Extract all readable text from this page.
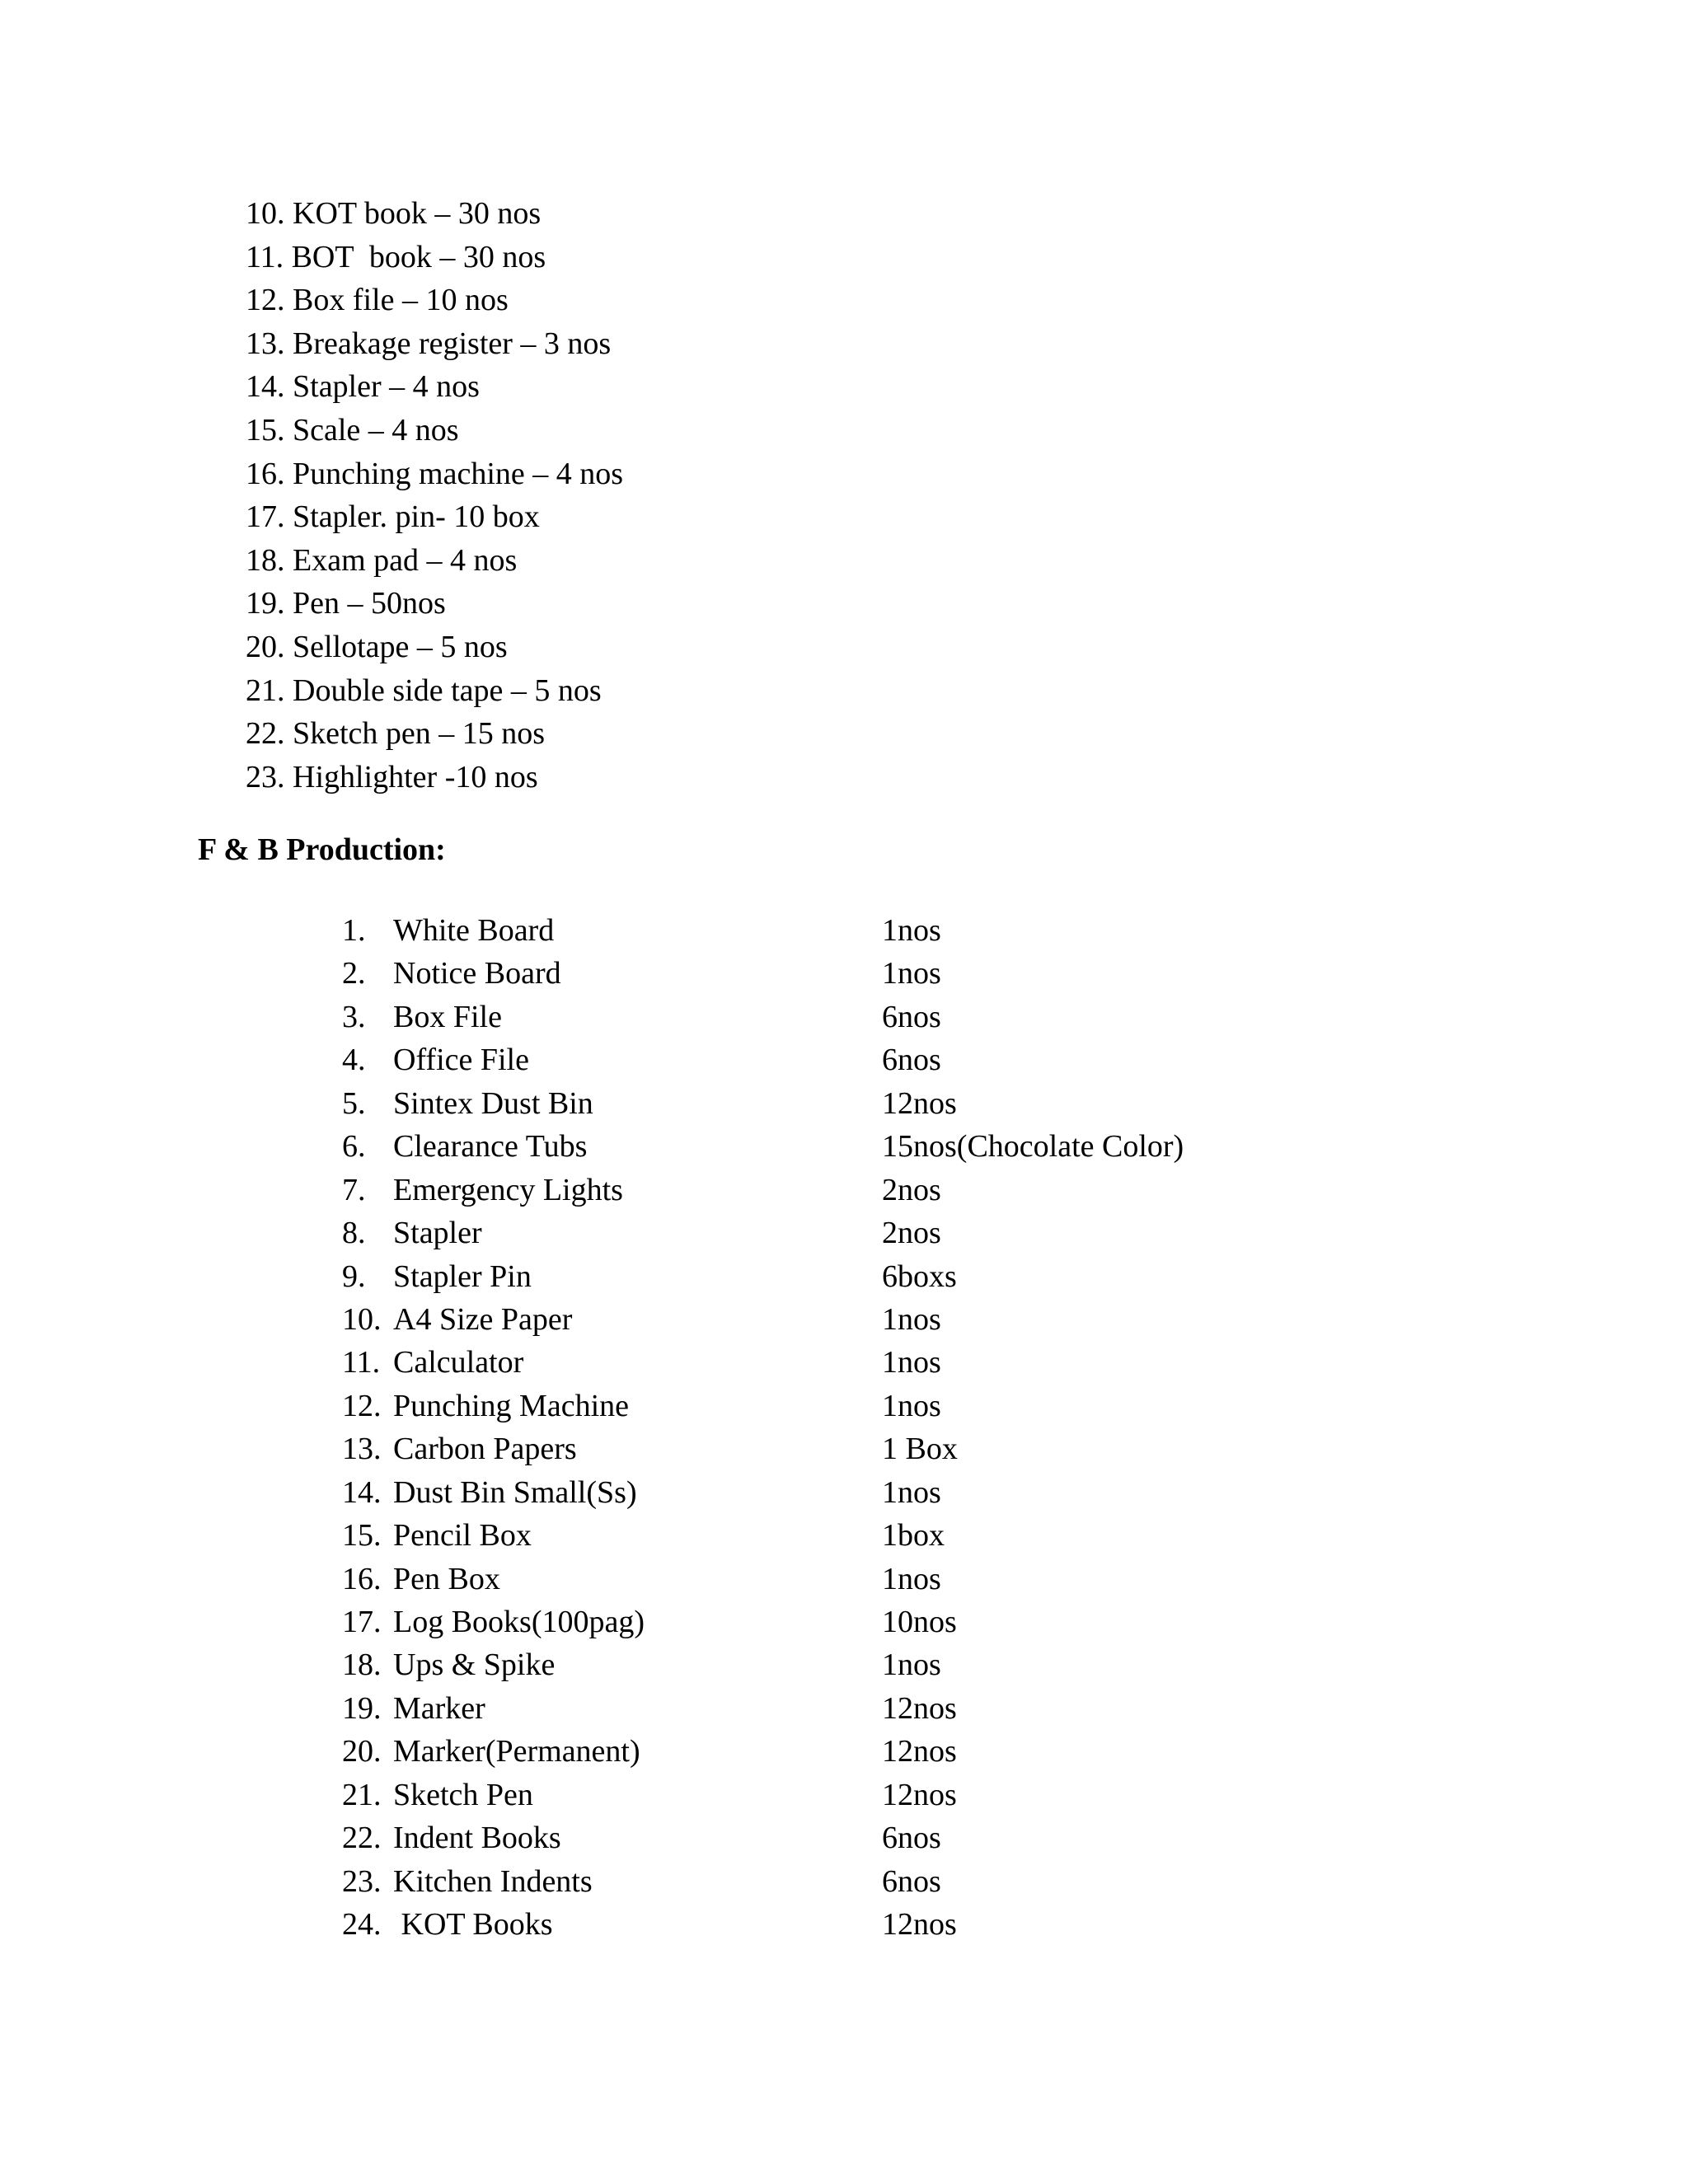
10. KOT book – 30 nos
11. BOT  book – 30 nos
12. Box file – 10 nos
13. Breakage register – 3 nos
14. Stapler – 4 nos
15. Scale – 4 nos
16. Punching machine – 4 nos
17. Stapler. pin- 10 box
18. Exam pad – 4 nos
19. Pen – 50nos
20. Sellotape – 5 nos
21. Double side tape – 5 nos
22. Sketch pen – 15 nos
23. Highlighter -10 nos
F & B Production:
1. White Board	1nos
2. Notice Board	1nos
3. Box File	6nos
4. Office File	6nos
5. Sintex Dust Bin	12nos
6. Clearance Tubs	15nos(Chocolate Color)
7. Emergency Lights	2nos
8. Stapler	2nos
9. Stapler Pin	6boxs
10. A4 Size Paper	1nos
11. Calculator	1nos
12. Punching Machine	1nos
13. Carbon Papers	1 Box
14. Dust Bin Small(Ss)	1nos
15. Pencil Box	1box
16. Pen Box	1nos
17. Log Books(100pag)	10nos
18. Ups & Spike	1nos
19. Marker	12nos
20. Marker(Permanent)	12nos
21. Sketch Pen	12nos
22. Indent Books	6nos
23. Kitchen Indents	6nos
24. KOT Books	12nos
